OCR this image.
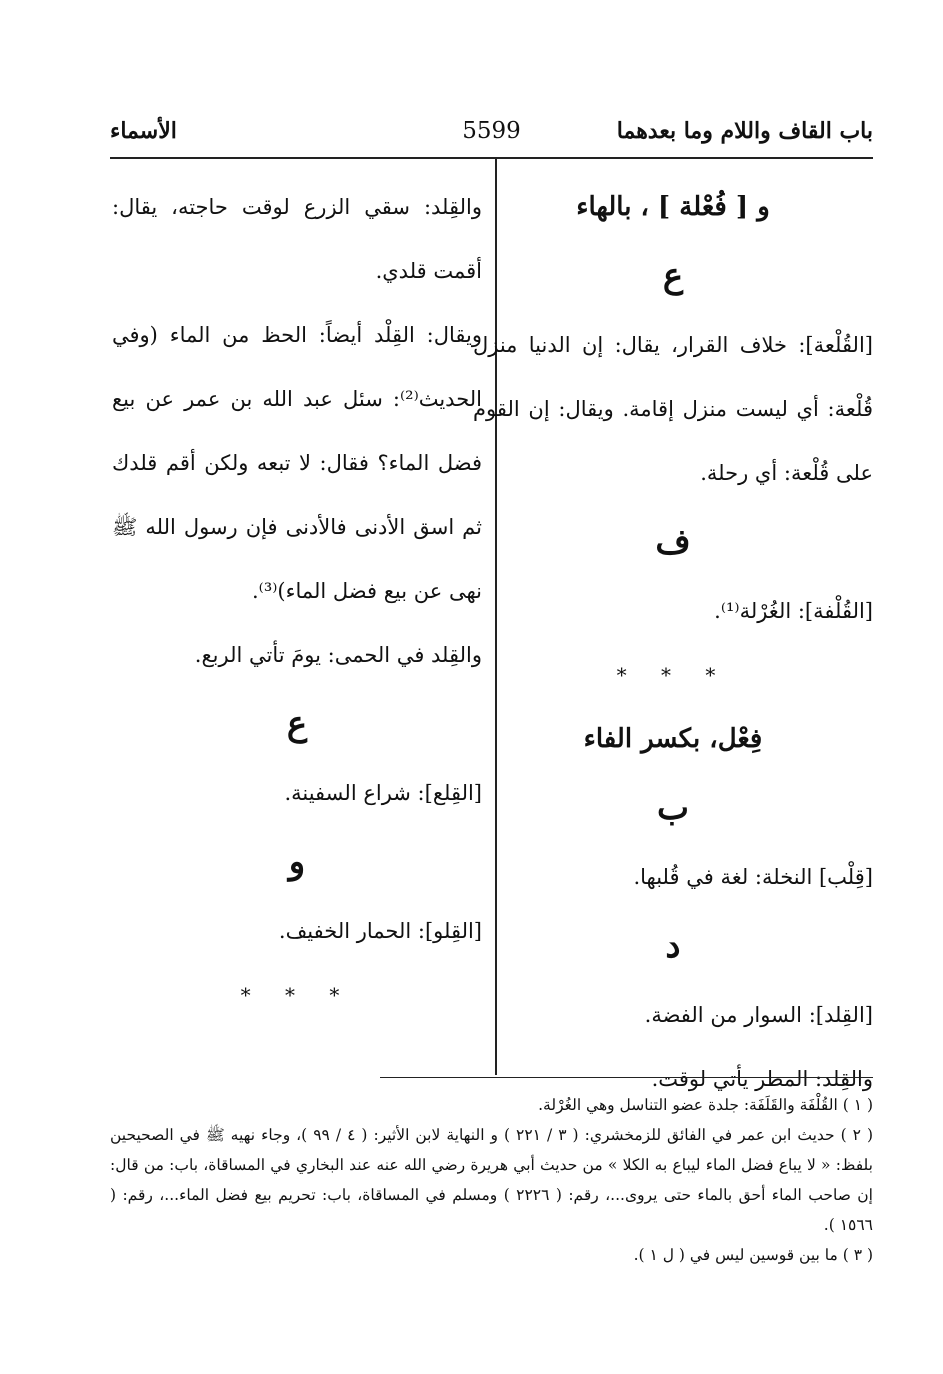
باب القاف واللام وما بعدهما
5599
الأسماء

و [ فُعْلة ] ، بالهاء

ع

[القُلْعة]: خلاف القرار، يقال: إن الدنيا منزل قُلْعة: أي ليست منزل إقامة. ويقال: إن القوم على قُلْعة: أي رحلة.

ف

[القُلْفة]: الغُرْلة⁽¹⁾.

* * *

فِعْل، بكسر الفاء

ب

[قِلْب] النخلة: لغة في قُلبها.

د

[القِلد]: السوار من الفضة.

والقِلد: المطر يأتي لوقت.

والقِلد: سقي الزرع لوقت حاجته، يقال: أقمت قلدي.

ويقال: القِلْد أيضاً: الحظ من الماء (وفي الحديث⁽²⁾: سئل عبد الله بن عمر عن بيع فضل الماء؟ فقال: لا تبعه ولكن أقم قلدك ثم اسق الأدنى فالأدنى فإن رسول الله ﷺ نهى عن بيع فضل الماء)⁽³⁾.

والقِلد في الحمى: يومَ تأتي الربع.

ع

[القِلع]: شراع السفينة.

و

[القِلو]: الحمار الخفيف.

* * *

( ١ ) القُلْفَة والقَلَفَة: جلدة عضو التناسل وهي الغُرْلة.

( ٢ ) حديث ابن عمر في الفائق للزمخشري: ( ٣ / ٢٢١ ) و النهاية لابن الأثير: ( ٤ / ٩٩ )، وجاء نهيه ﷺ في الصحيحين بلفظ: « لا يباع فضل الماء ليباع به الكلا » من حديث أبي هريرة رضي الله عنه عند البخاري في المساقاة، باب: من قال: إن صاحب الماء أحق بالماء حتى يروى...، رقم: ( ٢٢٢٦ ) ومسلم في المساقاة، باب: تحريم بيع فضل الماء...، رقم: ( ١٥٦٦ ).

( ٣ ) ما بين قوسين ليس في ( ل ١ ).
